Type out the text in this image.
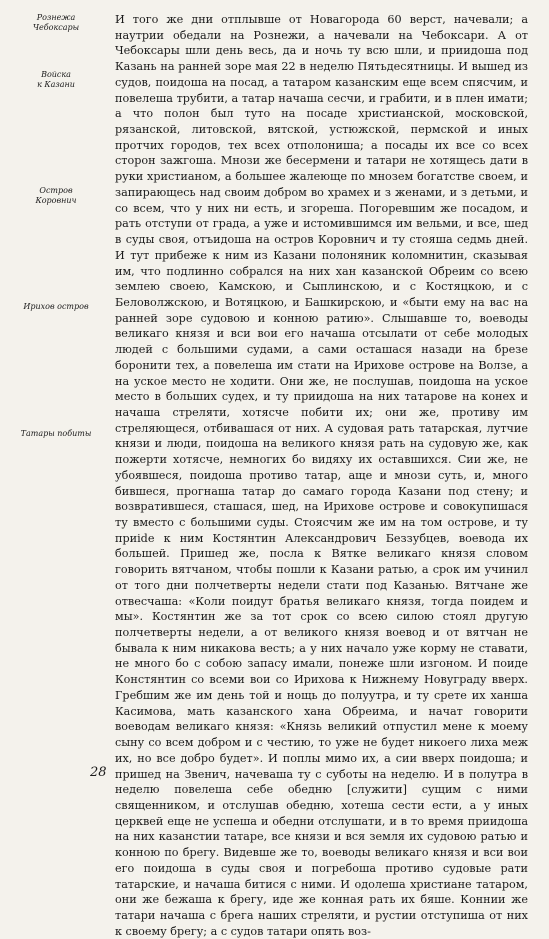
Рознежа
Чебоксары
Войска
к Казани
Остров
Коровнич
Ирихов остров
Татары побиты
И того же дни отплывше от Новагорода 60 верст, начевали; а наутрии обедали на Рознежи, а начевали на Чебоксари. А от Чебоксары шли день весь, да и ночь ту всю шли, и приидоша под Казань на ранней зоре мая 22 в неделю Пятьдесятницы. И вышед из судов, поидоша на посад, а татаром казанским еще всем спясчим, и повелеша трубити, а татар начаша сесчи, и грабити, и в плен имати; а что полон был туто на посаде христианской, московской, рязанской, литовской, вятской, устюжской, пермской и иных протчих городов, тех всех отполониша; а посады их все со всех сторон зажгоша. Мнози же бесермени и татари не хотящесь дати в руки христианом, а большее жалеюще по мнозем богатстве своем, и запирающесь над своим добром во храмех и з женами, и з детьми, и со всем, что у них ни есть, и згореша. Погоревшим же посадом, и рать отступи от града, а уже и истомившимся им вельми, и все, шед в суды своя, отъидоша на остров Коровнич и ту стояша седмь дней. И тут прибеже к ним из Казани полоняник коломнитин, сказывая им, что подлинно собрался на них хан казанской Обреим со всею землею своею, Камскою, и Сыплинскою, и с Костяцкою, и с Беловолжскою, и Вотяцкою, и Башкирскою, и «быти ему на вас на ранней зоре судовою и конною ратию». Слышавше то, воеводы великаго князя и вси вои его начаша отсылати от себе молодых людей с большими судами, а сами осташася назади на брезе боронити тех, а повелеша им стати на Ирихове острове на Волзе, а на уское место не ходити. Они же, не послушав, поидоша на уское место в больших судех, и ту приидоша на них татарове на конех и начаша стреляти, хотясче побити их; они же, противу им стреляющеся, отбивашася от них. А судовая рать татарская, лутчие князи и люди, поидоша на великого князя рать на судовую же, как пожерти хотясче, немногих бо видяху их оставшихся. Сии же, не убоявшеся, поидоша противо татар, аще и мнози суть, и, много бившеся, прогнаша татар до самаго города Казани под стену; и возвратившеся, сташася, шед, на Ирихове острове и совокупишася ту вместо с большими суды. Стоясчим же им на том острове, и ту приide к ним Костянтин Александрович Беззубцев, воевода их большей. Пришед же, посла к Вятке великаго князя словом говорить вятчаном, чтобы пошли к Казани ратью, а срок им учинил от того дни полчетверты недели стати под Казанью. Вятчане же отвесчаша: «Коли поидут братья великаго князя, тогда поидем и мы». Костянтин же за тот срок со всею силою стоял другую полчетверты недели, а от великого князя воевод и от вятчан не бывала к ним никакова весть; а у них начало уже корму не ставати, не много бо с собою запасу имали, понеже шли изгоном. И поиде Констянтин со всеми вои со Ирихова к Нижнему Новуграду вверх. Гребшим же им день той и нощь до полуутра, и ту срете их ханша Касимова, мать казанского хана Обреима, и начат говорити воеводам великаго князя: «Князь великий отпустил мене к моему сыну со всем добром и с честию, то уже не будет никоего лиха меж их, но все добро будет». И поплы мимо их, а сии вверх поидоша; и пришед на Звенич, начеваша ту с суботы на неделю. И в полутра в неделю повелеша себе обедню [служити] сущим с ними священником, и отслушав обедню, хотеша сести ести, а у иных церквей еще не успеша и обедни отслушати, и в то время приидоша на них казанстии татаре, все князи и вся земля их судовою ратью и конною по брегу. Видевше же то, воеводы великаго князя и вси вои его поидоша в суды своя и погребоша противо судовые рати татарские, и начаша битися с ними. И одолеша христиане татаром, они же бежаша к брегу, иде же конная рать их бяше. Коннии же татари начаша с брега наших стреляти, и рустии отступиша от них к своему брегу; а с судов татари опять воз-
28
